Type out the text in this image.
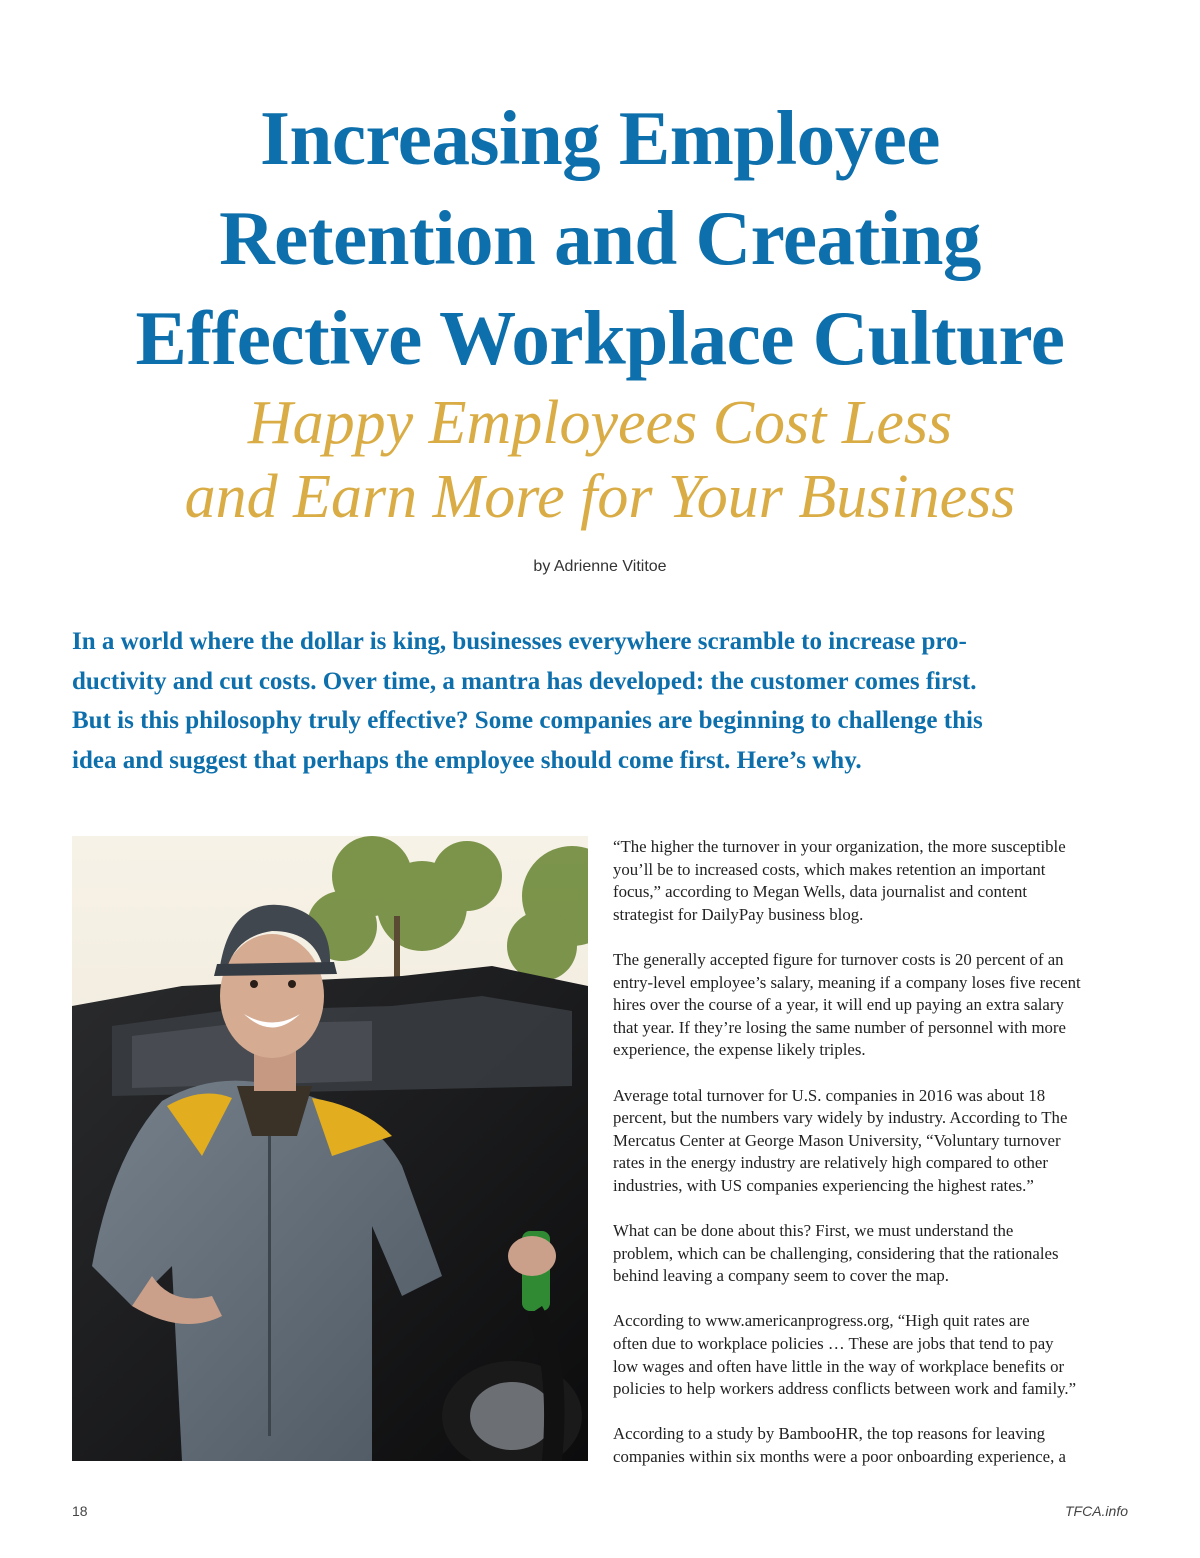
Increasing Employee
Retention and Creating
Effective Workplace Culture
Happy Employees Cost Less
and Earn More for Your Business
by Adrienne Vititoe

In a world where the dollar is king, businesses everywhere scramble to increase pro-
ductivity and cut costs. Over time, a mantra has developed: the customer comes first.
But is this philosophy truly effective? Some companies are beginning to challenge this
idea and suggest that perhaps the employee should come first. Here’s why.

“The higher the turnover in your organization, the more susceptible
you’ll be to increased costs, which makes retention an important
focus,” according to Megan Wells, data journalist and content
strategist for DailyPay business blog.

The generally accepted figure for turnover costs is 20 percent of an
entry-level employee’s salary, meaning if a company loses five recent
hires over the course of a year, it will end up paying an extra salary
that year. If they’re losing the same number of personnel with more
experience, the expense likely triples.

Average total turnover for U.S. companies in 2016 was about 18
percent, but the numbers vary widely by industry. According to The
Mercatus Center at George Mason University, “Voluntary turnover
rates in the energy industry are relatively high compared to other
industries, with US companies experiencing the highest rates.”

What can be done about this? First, we must understand the
problem, which can be challenging, considering that the rationales
behind leaving a company seem to cover the map.

According to www.americanprogress.org, “High quit rates are
often due to workplace policies … These are jobs that tend to pay
low wages and often have little in the way of workplace benefits or
policies to help workers address conflicts between work and family.”

According to a study by BambooHR, the top reasons for leaving
companies within six months were a poor onboarding experience, a

18	TFCA.info
